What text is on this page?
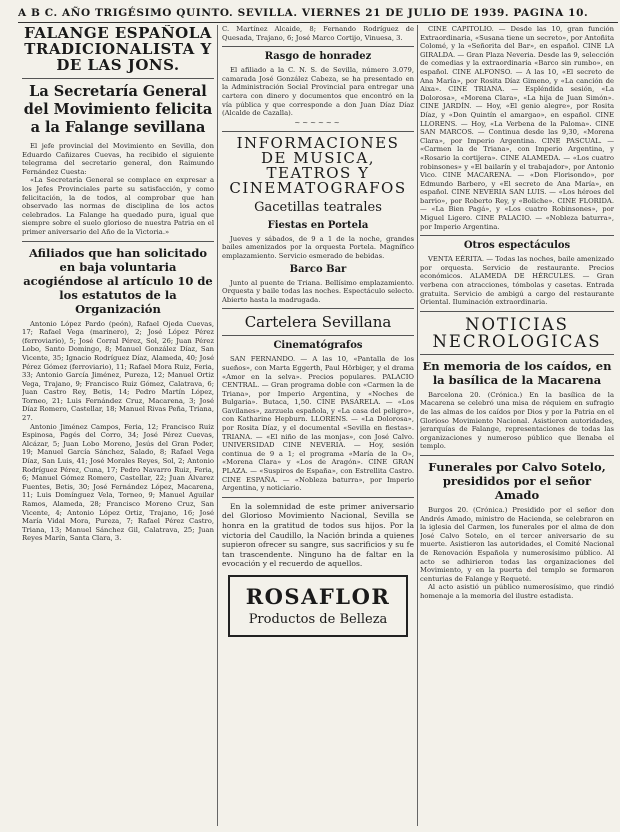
A B C. AÑO TRIGÉSIMO QUINTO. SEVILLA. VIERNES 21 DE JULIO DE 1939. PAGINA 10.
FALANGE ESPAÑOLA TRADICIONALISTA Y DE LAS JONS.
La Secretaría General del Movimiento felicita a la Falange sevillana

El jefe provincial del Movimiento en Sevilla, don Eduardo Cañizares Cuevas, ha recibido el siguiente telegrama del secretario general, don Raimundo Fernández Cuesta:

«La Secretaría General se complace en expresar a los Jefes Provinciales parte su satisfacción, y como felicitación, la de todos, al comprobar que han observado las normas de disciplina de los actos celebrados. La Falange ha quedado pura, igual que siempre sobre el suelo glorioso de nuestra Patria en el primer aniversario del Año de la Victoria.»

Afiliados que han solicitado en baja voluntaria acogiéndose al artículo 10 de los estatutos de la Organización

Antonio López Pardo (peón), Rafael Ojeda Cuevas, 17; Rafael Vega (marinero), 2; José López Pérez (ferroviario), 5; José Corral Pérez, Sol, 26; Juan Pérez Lobo, Santo Domingo, 8; Manuel González Díaz, San Vicente, 35; Ignacio Rodríguez Díaz, Alameda, 40; José Pérez Gómez (ferroviario), 11; Rafael Mora Ruiz, Feria, 33; Antonio García Jiménez, Pureza, 12; Manuel Ortiz Vega, Trajano, 9; Francisco Ruiz Gómez, Calatrava, 6; Juan Castro Rey, Betis, 14; Pedro Martín López, Torneo, 21; Luis Fernández Cruz, Macarena, 3; José Díaz Romero, Castellar, 18; Manuel Rivas Peña, Triana, 27.

Antonio Jiménez Campos, Feria, 12; Francisco Ruiz Espinosa, Pagés del Corro, 34; José Pérez Cuevas, Alcázar, 5; Juan Lobo Moreno, Jesús del Gran Poder, 19; Manuel García Sánchez, Salado, 8; Rafael Vega Díaz, San Luis, 41; José Morales Reyes, Sol, 2; Antonio Rodríguez Pérez, Cuna, 17; Pedro Navarro Ruiz, Feria, 6; Manuel Gómez Romero, Castellar, 22; Juan Álvarez Fuentes, Betis, 30; José Fernández López, Macarena, 11; Luis Domínguez Vela, Torneo, 9; Manuel Aguilar Ramos, Alameda, 28; Francisco Moreno Cruz, San Vicente, 4; Antonio López Ortiz, Trajano, 16; José María Vidal Mora, Pureza, 7; Rafael Pérez Castro, Triana, 13; Manuel Sánchez Gil, Calatrava, 25; Juan Reyes Marín, Santa Clara, 3.

C. Martínez Alcaide, 8; Fernando Rodríguez de Quesada, Trajano, 6; José Marco Cortijo, Vinuesa, 3.

Rasgo de honradez

El afiliado a la C. N. S. de Sevilla, número 3.079, camarada José González Cabeza, se ha presentado en la Administración Social Provincial para entregar una cartera con dinero y documentos que encontró en la vía pública y que corresponde a don Juan Díaz Díaz (Alcalde de Cazalla).

~~~~~~
INFORMACIONES DE MUSICA, TEATROS Y CINEMATOGRAFOS
Gacetillas teatrales
Fiestas en Portela

Jueves y sábados, de 9 a 1 de la noche, grandes bailes amenizados por la orquesta Portela. Magnífico emplazamiento. Servicio esmerado de bebidas.

Barco Bar

Junto al puente de Triana. Bellísimo emplazamiento. Orquesta y baile todas las noches. Espectáculo selecto. Abierto hasta la madrugada.

Cartelera Sevillana
Cinematógrafos

SAN FERNANDO. — A las 10, «Pantalla de los sueños», con Marta Eggerth, Paul Hörbiger, y el drama «Amor en la selva». Precios populares. PALACIO CENTRAL. — Gran programa doble con «Carmen la de Triana», por Imperio Argentina, y «Noches de Bulgaria». Butaca, 1,50. CINE PASARELA. — «Los Gavilanes», zarzuela española, y «La casa del peligro», con Katharine Hepburn. LLORENS. — «La Dolorosa», por Rosita Díaz, y el documental «Sevilla en fiestas». TRIANA. — «El niño de las monjas», con José Calvo. UNIVERSIDAD CINE NEVERIA. — Hoy, sesión continua de 9 a 1; el programa «María de la O», «Morena Clara» y «Los de Aragón». CINE GRAN PLAZA. — «Suspiros de España», con Estrellita Castro. CINE ESPAÑA. — «Nobleza baturra», por Imperio Argentina, y noticiario.

En la solemnidad de este primer aniversario del Glorioso Movimiento Nacional, Sevilla se honra en la gratitud de todos sus hijos. Por la victoria del Caudillo, la Nación brinda a quienes supieron ofrecer su sangre, sus sacrificios y su fe tan trascendente. Ninguno ha de faltar en la evocación y el recuerdo de aquellos.

ROSAFLOR
Productos de Belleza

CINE CAPITOLIO. — Desde las 10, gran función Extraordinaria, «Susana tiene un secreto», por Antoñita Colomé, y la «Señorita del Bar», en español. CINE LA GIRALDA. — Gran Plaza Neveria. Desde las 9, selección de comedias y la extraordinaria «Barco sin rumbo», en español. CINE ALFONSO. — A las 10, «El secreto de Ana María», por Rosita Díaz Gimeno, y «La canción de Aixa». CINE TRIANA. — Espléndida sesión, «La Dolorosa», «Morena Clara», «La hija de Juan Simón». CINE JARDÍN. — Hoy, «El genio alegre», por Rosita Díaz, y «Don Quintín el amargao», en español. CINE LLORENS. — Hoy, «La Verbena de la Paloma». CINE SAN MARCOS. — Continua desde las 9,30, «Morena Clara», por Imperio Argentina. CINE PASCUAL. — «Carmen la de Triana», con Imperio Argentina, y «Rosario la cortijera». CINE ALAMEDA. — «Los cuatro robinsones» y «El bailarín y el trabajador», por Antonio Vico. CINE MACARENA. — «Don Florisondo», por Edmundo Barbero, y «El secreto de Ana María», en español. CINE NEVERIA SAN LUIS. — «Los héroes del barrio», por Roberto Rey, y «Boliche». CINE FLORIDA. — «La Bien Pagá», y «Los cuatro Robinsones», por Miguel Ligero. CINE PALACIO. — «Nobleza baturra», por Imperio Argentina.

Otros espectáculos

VENTA EÉRITA. — Todas las noches, baile amenizado por orquesta. Servicio de restaurante. Precios económicos. ALAMEDA DE HÉRCULES. — Gran verbena con atracciones, tómbolas y casetas. Entrada gratuita. Servicio de ambigú a cargo del restaurante Oriental. Iluminación extraordinaria.

NOTICIAS NECROLOGICAS
En memoria de los caídos, en la basílica de la Macarena

Barcelona 20. (Crónica.) En la basílica de la Macarena se celebró una misa de réquiem en sufragio de las almas de los caídos por Dios y por la Patria en el Glorioso Movimiento Nacional. Asistieron autoridades, jerarquías de Falange, representaciones de todas las organizaciones y numeroso público que llenaba el templo.

Funerales por Calvo Sotelo, presididos por el señor Amado

Burgos 20. (Crónica.) Presidido por el señor don Andrés Amado, ministro de Hacienda, se celebraron en la iglesia del Carmen, los funerales por el alma de don José Calvo Sotelo, en el tercer aniversario de su muerte. Asistieron las autoridades, el Comité Nacional de Renovación Española y numerosísimo público. Al acto se adhirieron todas las organizaciones del Movimiento, y en la puerta del templo se formaron centurias de Falange y Requeté.

Al acto asistió un público numerosísimo, que rindió homenaje a la memoria del ilustre estadista.
